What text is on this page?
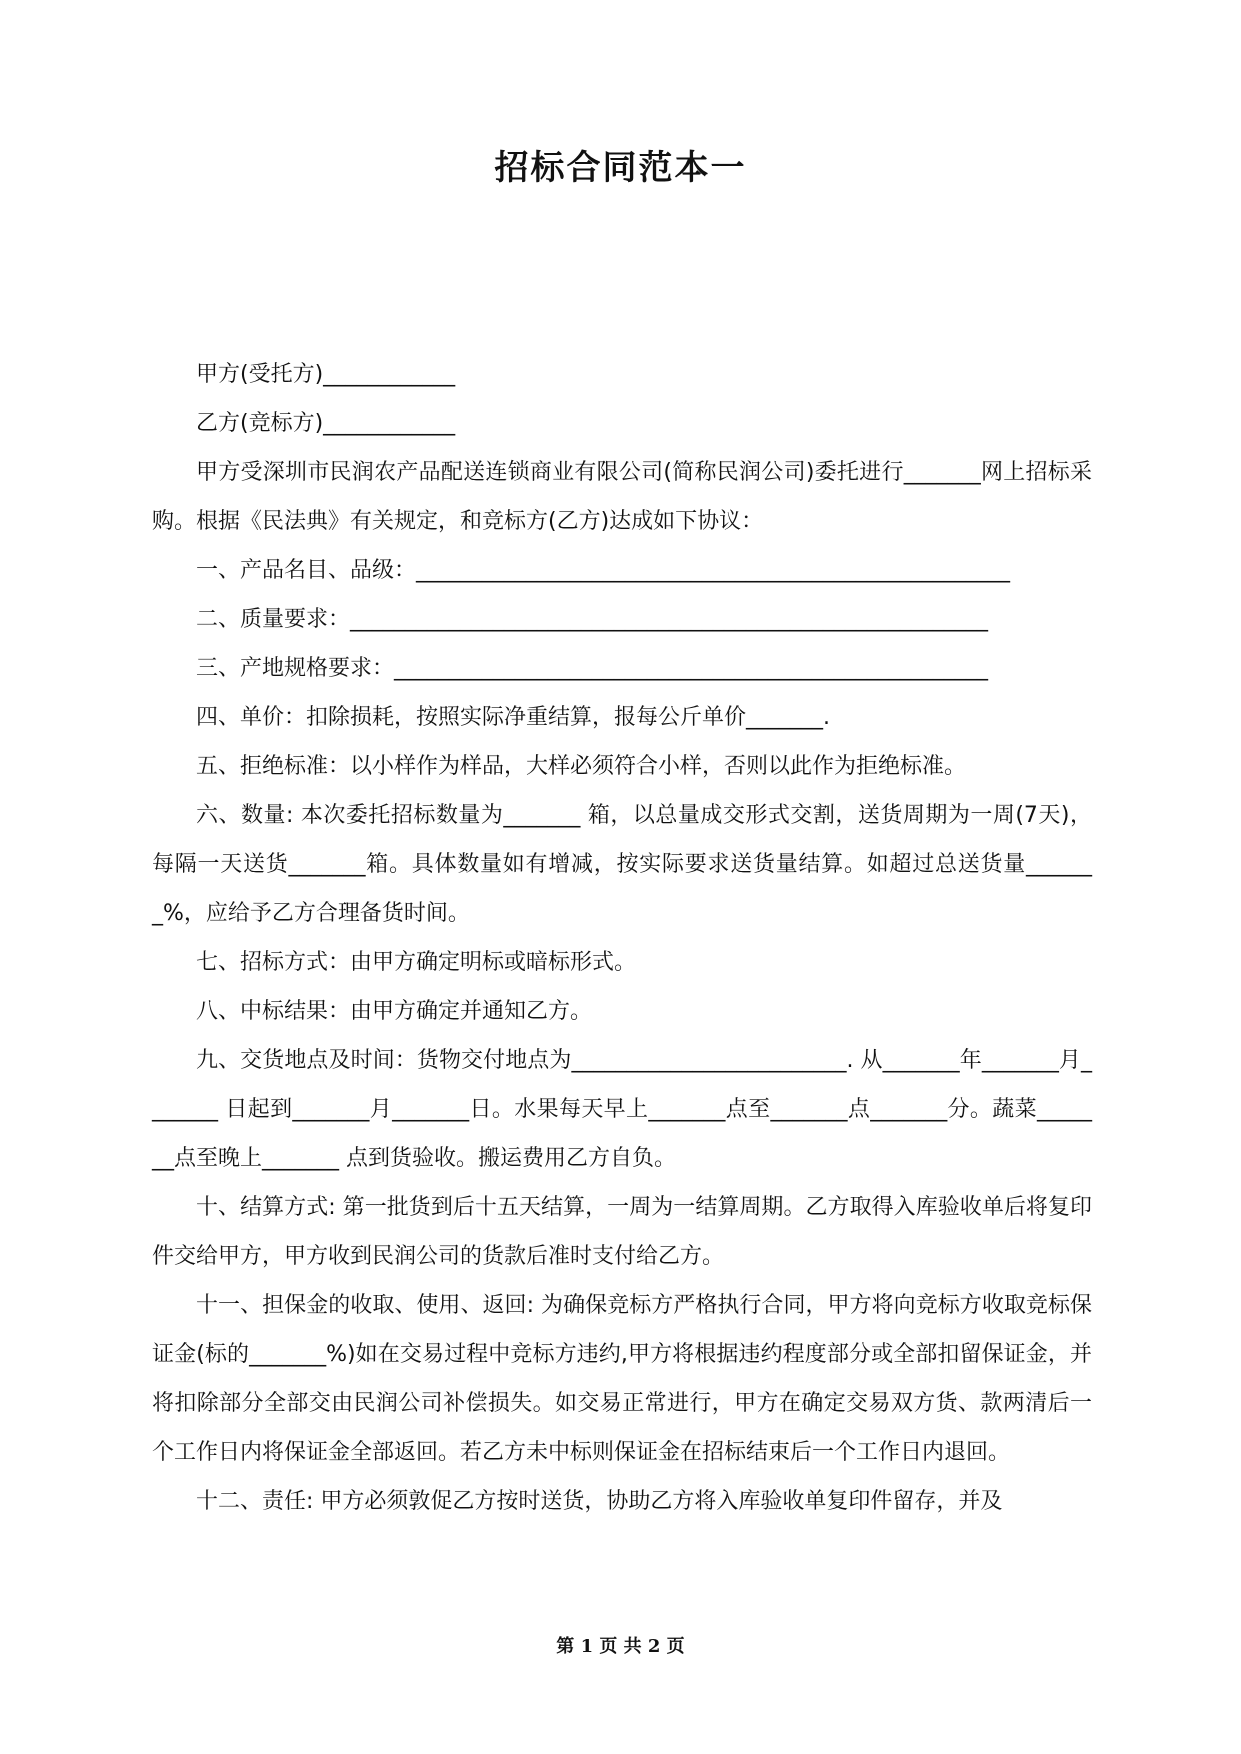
招标合同范本一

甲方(受托方)____________

乙方(竞标方)____________

甲方受深圳市民润农产品配送连锁商业有限公司(简称民润公司)委托进行_______网上招标采购。根据《民法典》有关规定，和竞标方(乙方)达成如下协议：

一、产品名目、品级：______________________________________________________

二、质量要求：__________________________________________________________

三、产地规格要求：______________________________________________________

四、单价：扣除损耗，按照实际净重结算，报每公斤单价_______.

五、拒绝标准：以小样作为样品，大样必须符合小样，否则以此作为拒绝标准。

六、数量: 本次委托招标数量为_______ 箱，以总量成交形式交割，送货周期为一周(7天)，每隔一天送货_______箱。具体数量如有增减，按实际要求送货量结算。如超过总送货量_______%，应给予乙方合理备货时间。

七、招标方式：由甲方确定明标或暗标形式。

八、中标结果：由甲方确定并通知乙方。

九、交货地点及时间：货物交付地点为_________________________. 从_______年_______月_______ 日起到_______月_______日。水果每天早上_______点至_______点_______分。蔬菜_______点至晚上_______ 点到货验收。搬运费用乙方自负。

十、结算方式: 第一批货到后十五天结算，一周为一结算周期。乙方取得入库验收单后将复印件交给甲方，甲方收到民润公司的货款后准时支付给乙方。

十一、担保金的收取、使用、返回: 为确保竞标方严格执行合同，甲方将向竞标方收取竞标保证金(标的_______%)如在交易过程中竞标方违约,甲方将根据违约程度部分或全部扣留保证金，并将扣除部分全部交由民润公司补偿损失。如交易正常进行，甲方在确定交易双方货、款两清后一个工作日内将保证金全部返回。若乙方未中标则保证金在招标结束后一个工作日内退回。

十二、责任: 甲方必须敦促乙方按时送货，协助乙方将入库验收单复印件留存，并及

第 1 页 共 2 页
